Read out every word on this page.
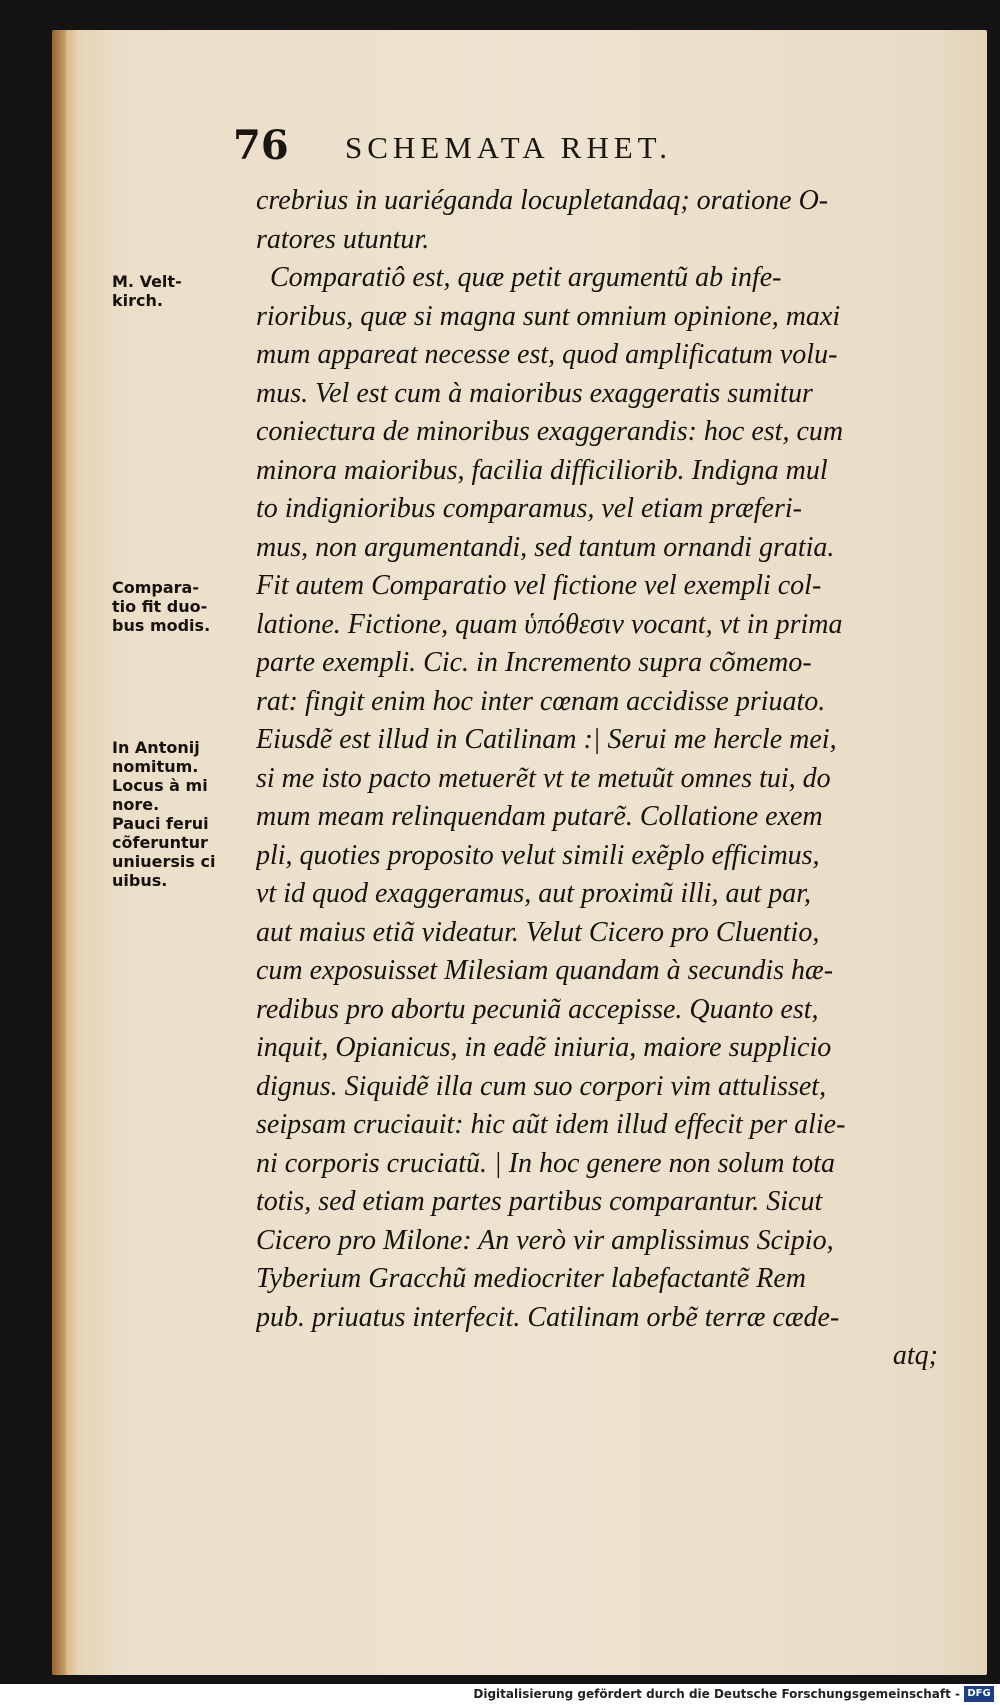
76 SCHEMATA RHET.
crebrius in uariéganda locupletandaq; oratione O-
ratores utuntur.
Comparatiô est, quæ petit argumentũ ab infe-
rioribus, quæ si magna sunt omnium opinione, maxi
mum appareat necesse est, quod amplificatum volu-
mus. Vel est cum à maioribus exaggeratis sumitur
coniectura de minoribus exaggerandis: hoc est, cum
minora maioribus, facilia difficiliorib. Indigna mul
to indignioribus comparamus, vel etiam præferi-
mus, non argumentandi, sed tantum ornandi gratia.
Fit autem Comparatio vel fictione vel exempli col-
latione. Fictione, quam ὑπόθεσιν vocant, vt in prima
parte exempli. Cic. in Incremento supra cõmemo-
rat: fingit enim hoc inter cœnam accidisse priuato.
Eiusdẽ est illud in Catilinam :| Serui me hercle mei,
si me isto pacto metuerẽt vt te metuũt omnes tui, do
mum meam relinquendam putarẽ. Collatione exem
pli, quoties proposito velut simili exẽplo efficimus,
vt id quod exaggeramus, aut proximũ illi, aut par,
aut maius etiã videatur. Velut Cicero pro Cluentio,
cum exposuisset Milesiam quandam à secundis hæ-
redibus pro abortu pecuniã accepisse. Quanto est,
inquit, Opianicus, in eadẽ iniuria, maiore supplicio
dignus. Siquidẽ illa cum suo corpori vim attulisset,
seipsam cruciauit: hic aũt idem illud effecit per alie-
ni corporis cruciatũ. | In hoc genere non solum tota
totis, sed etiam partes partibus comparantur. Sicut
Cicero pro Milone: An verò vir amplissimus Scipio,
Tyberium Gracchũ mediocriter labefactantẽ Rem
pub. priuatus interfecit. Catilinam orbẽ terræ cæde-
atq;
M. Velt-
kirch.
Compara-
tio fit duo-
bus modis.
In Antonij
nomitum.
Locus à mi
nore.
Pauci ferui
cõferuntur
uniuersis ci
uibus.
Digitalisierung gefördert durch die Deutsche Forschungsgemeinschaft - DFG
